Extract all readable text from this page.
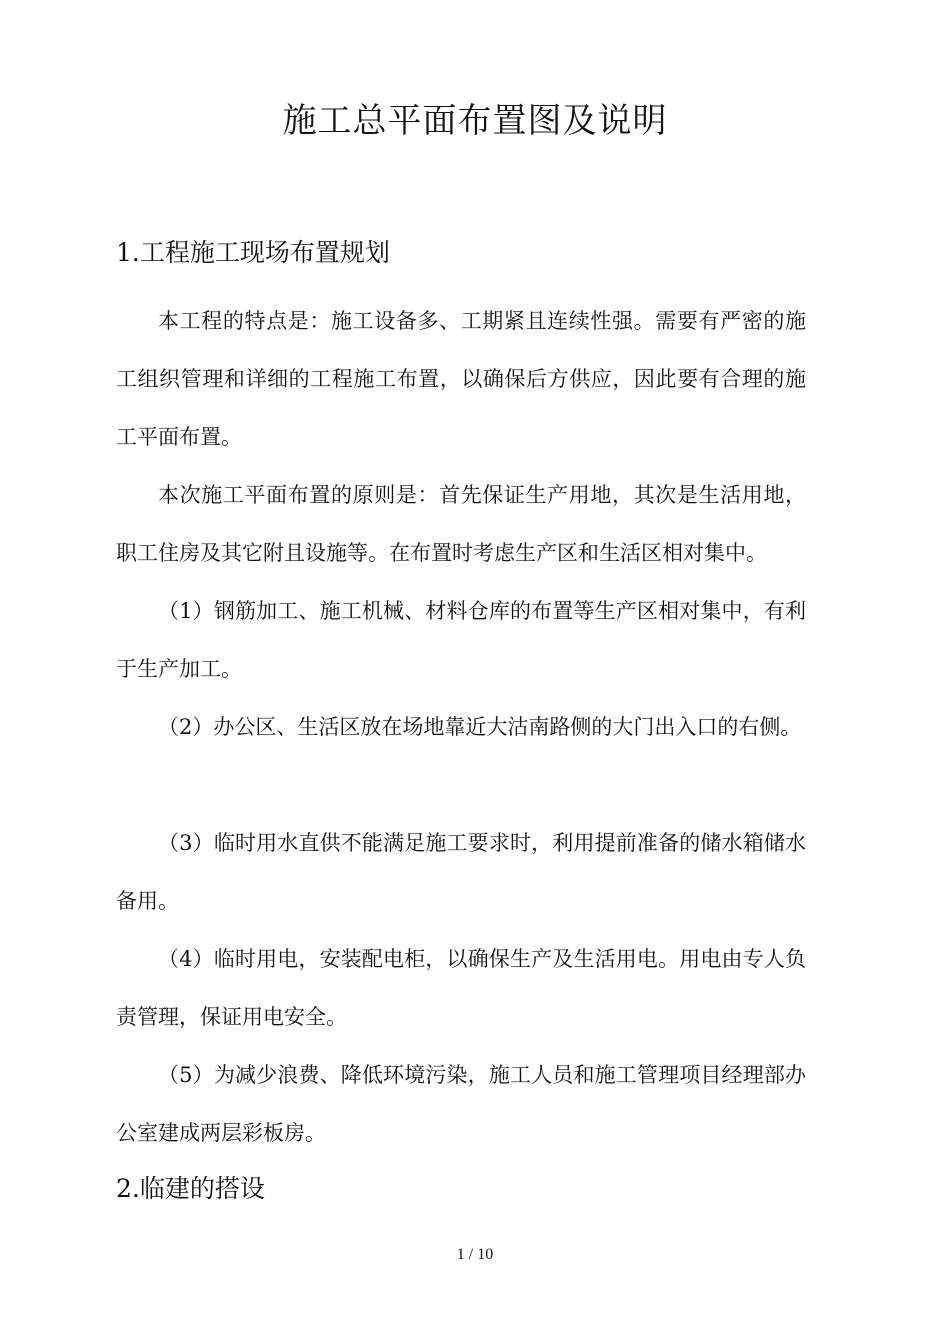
施工总平面布置图及说明
1.工程施工现场布置规划

本工程的特点是：施工设备多、工期紧且连续性强。需要有严密的施工组织管理和详细的工程施工布置，以确保后方供应，因此要有合理的施工平面布置。

本次施工平面布置的原则是：首先保证生产用地，其次是生活用地，职工住房及其它附且设施等。在布置时考虑生产区和生活区相对集中。

（1）钢筋加工、施工机械、材料仓库的布置等生产区相对集中，有利于生产加工。

（2）办公区、生活区放在场地靠近大沽南路侧的大门出入口的右侧。

（3）临时用水直供不能满足施工要求时，利用提前准备的储水箱储水备用。

（4）临时用电，安装配电柜，以确保生产及生活用电。用电由专人负责管理，保证用电安全。

（5）为减少浪费、降低环境污染，施工人员和施工管理项目经理部办公室建成两层彩板房。

2.临建的搭设
1 / 10
